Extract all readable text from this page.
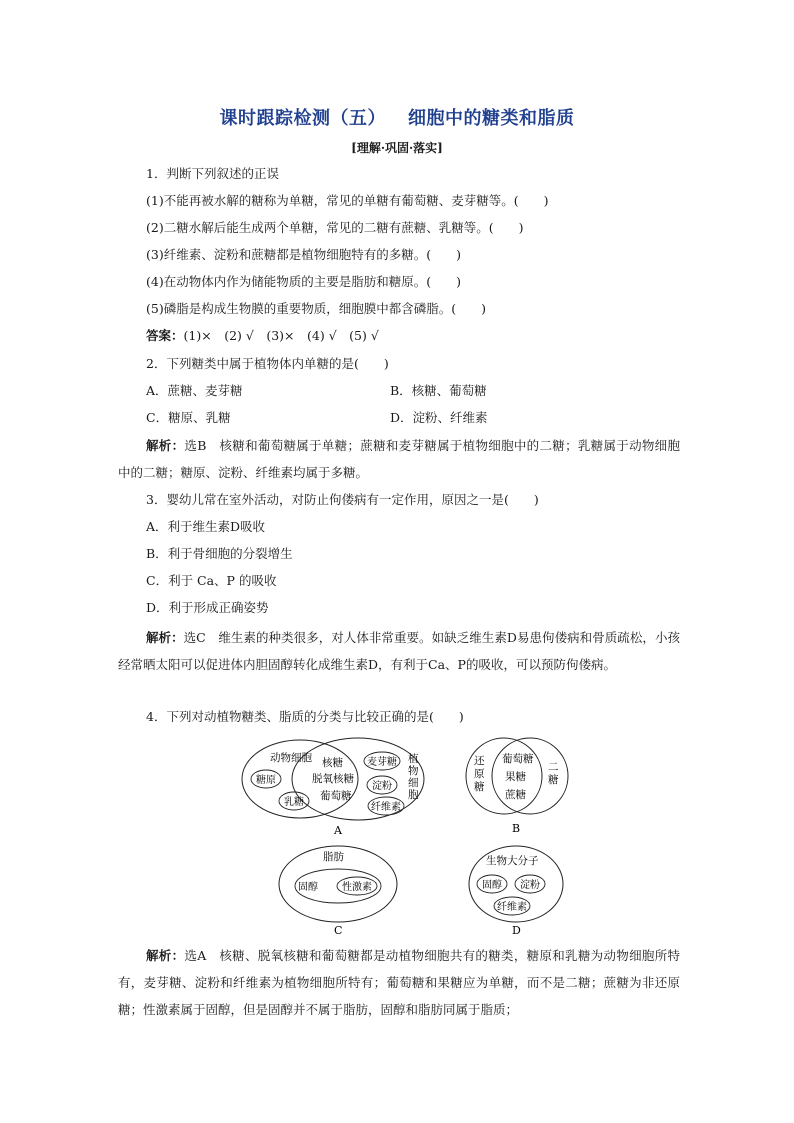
课时跟踪检测（五） 细胞中的糖类和脂质
[理解·巩固·落实]
1．判断下列叙述的正误
(1)不能再被水解的糖称为单糖，常见的单糖有葡萄糖、麦芽糖等。(　　)
(2)二糖水解后能生成两个单糖，常见的二糖有蔗糖、乳糖等。(　　)
(3)纤维素、淀粉和蔗糖都是植物细胞特有的多糖。(　　)
(4)在动物体内作为储能物质的主要是脂肪和糖原。(　　)
(5)磷脂是构成生物膜的重要物质，细胞膜中都含磷脂。(　　)
答案：(1)×　(2) √　(3)×　(4) √　(5) √
2．下列糖类中属于植物体内单糖的是(　　)
A．蔗糖、麦芽糖	B．核糖、葡萄糖
C．糖原、乳糖	D．淀粉、纤维素
解析：选B　核糖和葡萄糖属于单糖；蔗糖和麦芽糖属于植物细胞中的二糖；乳糖属于动物细胞中的二糖；糖原、淀粉、纤维素均属于多糖。
3．婴幼儿常在室外活动，对防止佝偻病有一定作用，原因之一是(　　)
A．利于维生素D吸收
B．利于骨细胞的分裂增生
C．利于 Ca、P 的吸收
D．利于形成正确姿势
解析：选C　维生素的种类很多，对人体非常重要。如缺乏维生素D易患佝偻病和骨质疏松，小孩经常晒太阳可以促进体内胆固醇转化成维生素D，有利于Ca、P的吸收，可以预防佝偻病。
4．下列对动植物糖类、脂质的分类与比较正确的是(　　)
动物细胞
糖原
乳糖
核糖
脱氧核糖
葡萄糖
麦芽糖
淀粉
纤维素
植
物
细
胞
A
还
原
糖
二
糖
葡萄糖
果糖
蔗糖
B
脂肪
固醇 性激素
C
生物大分子
固醇 淀粉
纤维素
D
解析：选A　核糖、脱氧核糖和葡萄糖都是动植物细胞共有的糖类，糖原和乳糖为动物细胞所特有，麦芽糖、淀粉和纤维素为植物细胞所特有；葡萄糖和果糖应为单糖，而不是二糖；蔗糖为非还原糖；性激素属于固醇，但是固醇并不属于脂肪，固醇和脂肪同属于脂质；
